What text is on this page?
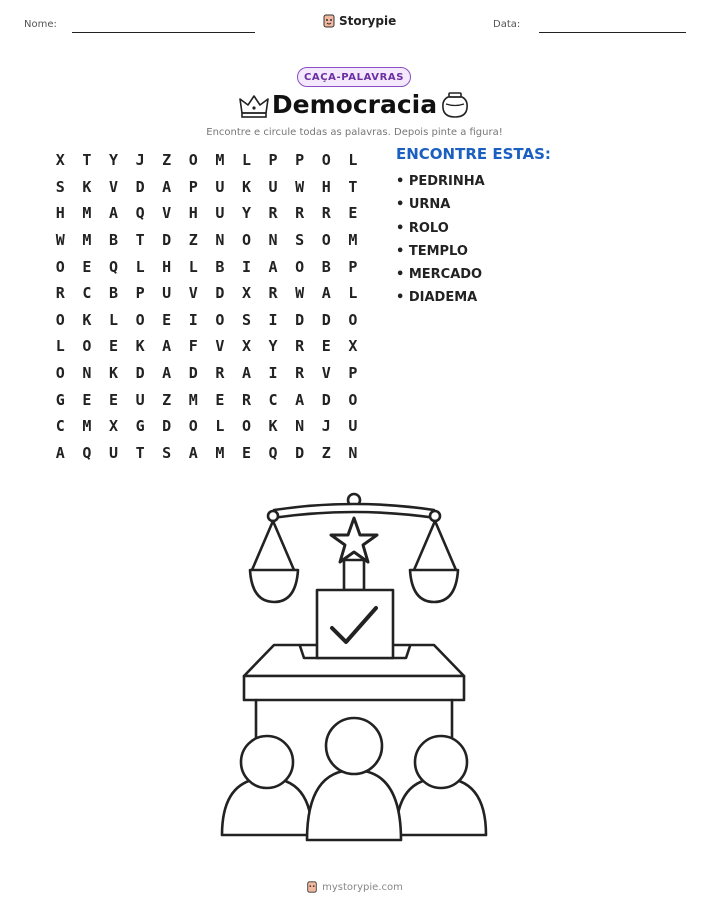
Nome:	Storypie	Data:
CAÇA-PALAVRAS
Democracia
Encontre e circule todas as palavras. Depois pinte a figura!
X	T	Y	J	Z	O	M	L	P	P	O	L
S	K	V	D	A	P	U	K	U	W	H	T
H	M	A	Q	V	H	U	Y	R	R	R	E
W	M	B	T	D	Z	N	O	N	S	O	M
O	E	Q	L	H	L	B	I	A	O	B	P
R	C	B	P	U	V	D	X	R	W	A	L
O	K	L	O	E	I	O	S	I	D	D	O
L	O	E	K	A	F	V	X	Y	R	E	X
O	N	K	D	A	D	R	A	I	R	V	P
G	E	E	U	Z	M	E	R	C	A	D	O
C	M	X	G	D	O	L	O	K	N	J	U
A	Q	U	T	S	A	M	E	Q	D	Z	N
ENCONTRE ESTAS:
• PEDRINHA
• URNA
• ROLO
• TEMPLO
• MERCADO
• DIADEMA
mystorypie.com
